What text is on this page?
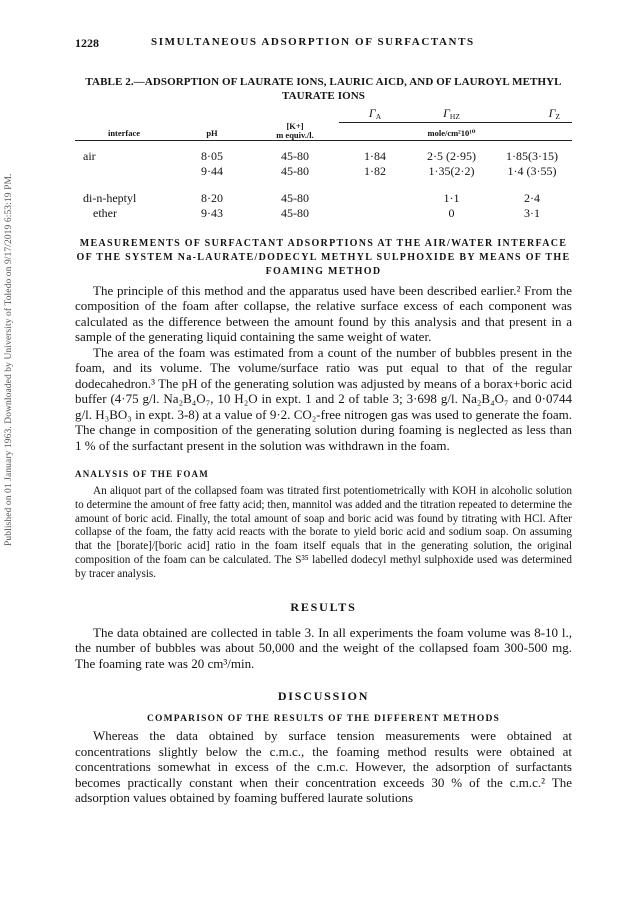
Published on 01 January 1963. Downloaded by University of Toledo on 9/17/2019 6:53:19 PM.
1228	SIMULTANEOUS ADSORPTION OF SURFACTANTS
TABLE 2.—ADSORPTION OF LAURATE IONS, LAURIC AICD, AND OF LAUROYL METHYL TAURATE IONS
			$\Gamma_A$	$\Gamma_{HZ}$	$\Gamma_Z$
interface	pH	[K+]
m equiv./l.		mole/cm²10¹⁰	

air	8·05	45-80	1·84	2·5 (2·95)	1·85(3·15)
	9·44	45-80	1·82	1·35(2·2)	1·4 (3·55)

di-n-heptyl	8·20	45-80		1·1	2·4
ether	9·43	45-80		0	3·1
MEASUREMENTS OF SURFACTANT ADSORPTIONS AT THE AIR/WATER INTERFACE OF THE SYSTEM Na-LAURATE/DODECYL METHYL SULPHOXIDE BY MEANS OF THE FOAMING METHOD

The principle of this method and the apparatus used have been described earlier.² From the composition of the foam after collapse, the relative surface excess of each component was calculated as the difference between the amount found by this analysis and that present in a sample of the generating liquid containing the same weight of water.

The area of the foam was estimated from a count of the number of bubbles present in the foam, and its volume. The volume/surface ratio was put equal to that of the regular dodecahedron.³ The pH of the generating solution was adjusted by means of a borax+boric acid buffer (4·75 g/l. Na₂B₄O₇, 10 H₂O in expt. 1 and 2 of table 3; 3·698 g/l. Na₂B₄O₇ and 0·0744 g/l. H₃BO₃ in expt. 3-8) at a value of 9·2. CO₂-free nitrogen gas was used to generate the foam. The change in composition of the generating solution during foaming is neglected as less than 1 % of the surfactant present in the solution was withdrawn in the foam.

ANALYSIS OF THE FOAM

An aliquot part of the collapsed foam was titrated first potentiometrically with KOH in alcoholic solution to determine the amount of free fatty acid; then, mannitol was added and the titration repeated to determine the amount of boric acid. Finally, the total amount of soap and boric acid was found by titrating with HCl. After collapse of the foam, the fatty acid reacts with the borate to yield boric acid and sodium soap. On assuming that the [borate]/[boric acid] ratio in the foam itself equals that in the generating solution, the original composition of the foam can be calculated. The S³⁵ labelled dodecyl methyl sulphoxide used was determined by tracer analysis.

RESULTS

The data obtained are collected in table 3. In all experiments the foam volume was 8-10 l., the number of bubbles was about 50,000 and the weight of the collapsed foam 300-500 mg. The foaming rate was 20 cm³/min.

DISCUSSION
COMPARISON OF THE RESULTS OF THE DIFFERENT METHODS

Whereas the data obtained by surface tension measurements were obtained at concentrations slightly below the c.m.c., the foaming method results were obtained at concentrations somewhat in excess of the c.m.c. However, the adsorption of surfactants becomes practically constant when their concentration exceeds 30 % of the c.m.c.² The adsorption values obtained by foaming buffered laurate solutions
